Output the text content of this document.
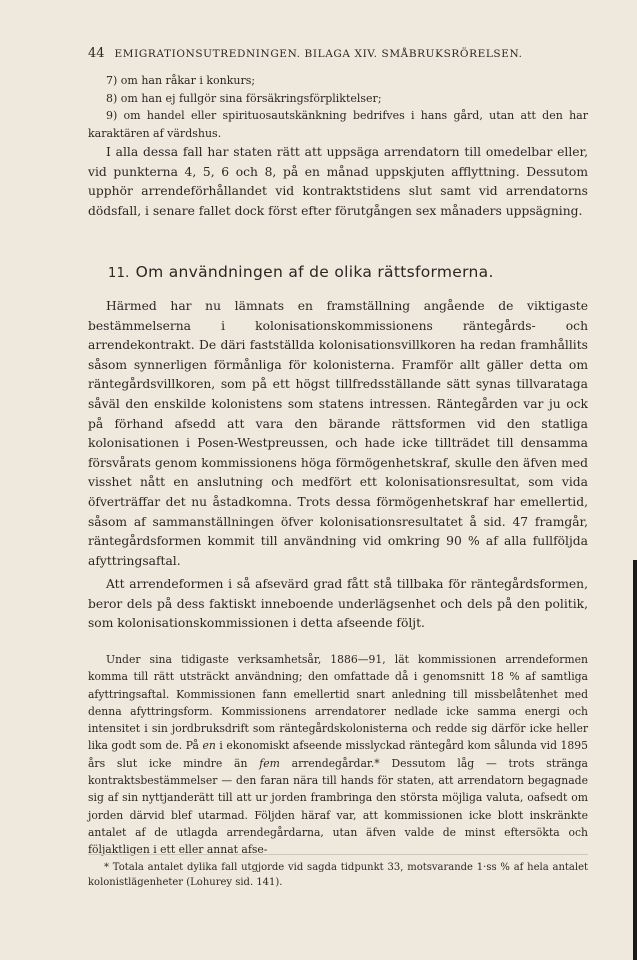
44 EMIGRATIONSUTREDNINGEN. BILAGA XIV. SMÅBRUKSRÖRELSEN.

7) om han råkar i konkurs;

8) om han ej fullgör sina försäkringsförpliktelser;

9) om handel eller spirituosautskänkning bedrifves i hans gård, utan att den har karaktären af värdshus.

I alla dessa fall har staten rätt att uppsäga arrendatorn till omedelbar eller, vid punkterna 4, 5, 6 och 8, på en månad uppskjuten afflyttning. Dessutom upphör arrendeförhållandet vid kontraktstidens slut samt vid arrendatorns dödsfall, i senare fallet dock först efter förutgången sex månaders uppsägning.

11. Om användningen af de olika rättsformerna.

Härmed har nu lämnats en framställning angående de viktigaste bestämmelserna i kolonisationskommissionens räntegårds- och arrendekontrakt. De däri fastställda kolonisationsvillkoren ha redan framhållits såsom synnerligen förmånliga för kolonisterna. Framför allt gäller detta om räntegårdsvillkoren, som på ett högst tillfredsställande sätt synas tillvarataga såväl den enskilde kolonistens som statens intressen. Räntegården var ju ock på förhand afsedd att vara den bärande rättsformen vid den statliga kolonisationen i Posen-Westpreussen, och hade icke tillträdet till densamma försvårats genom kommissionens höga förmögenhetskraf, skulle den äfven med visshet nått en anslutning och medfört ett kolonisationsresultat, som vida öfverträffar det nu åstadkomna. Trots dessa förmögenhetskraf har emellertid, såsom af sammanställningen öfver kolonisationsresultatet å sid. 47 framgår, räntegårdsformen kommit till användning vid omkring 90 % af alla fullföljda afyttringsaftal.

Att arrendeformen i så afsevärd grad fått stå tillbaka för räntegårdsformen, beror dels på dess faktiskt inneboende underlägsenhet och dels på den politik, som kolonisationskommissionen i detta afseende följt.

Under sina tidigaste verksamhetsår, 1886—91, lät kommissionen arrendeformen komma till rätt utsträckt användning; den omfattade då i genomsnitt 18 % af samtliga afyttringsaftal. Kommissionen fann emellertid snart anledning till missbelåtenhet med denna afyttringsform. Kommissionens arrendatorer nedlade icke samma energi och intensitet i sin jordbruksdrift som räntegårdskolonisterna och redde sig därför icke heller lika godt som de. På en i ekonomiskt afseende misslyckad räntegård kom sålunda vid 1895 års slut icke mindre än fem arrendegårdar.* Dessutom låg — trots stränga kontraktsbestämmelser — den faran nära till hands för staten, att arrendatorn begagnade sig af sin nyttjanderätt till att ur jorden frambringa den största möjliga valuta, oafsedt om jorden därvid blef utarmad. Följden häraf var, att kommissionen icke blott inskränkte antalet af de utlagda arrendegårdarna, utan äfven valde de minst eftersökta och följaktligen i ett eller annat afse-

* Totala antalet dylika fall utgjorde vid sagda tidpunkt 33, motsvarande 1·ss % af hela antalet kolonistlägenheter (Lohurey sid. 141).
